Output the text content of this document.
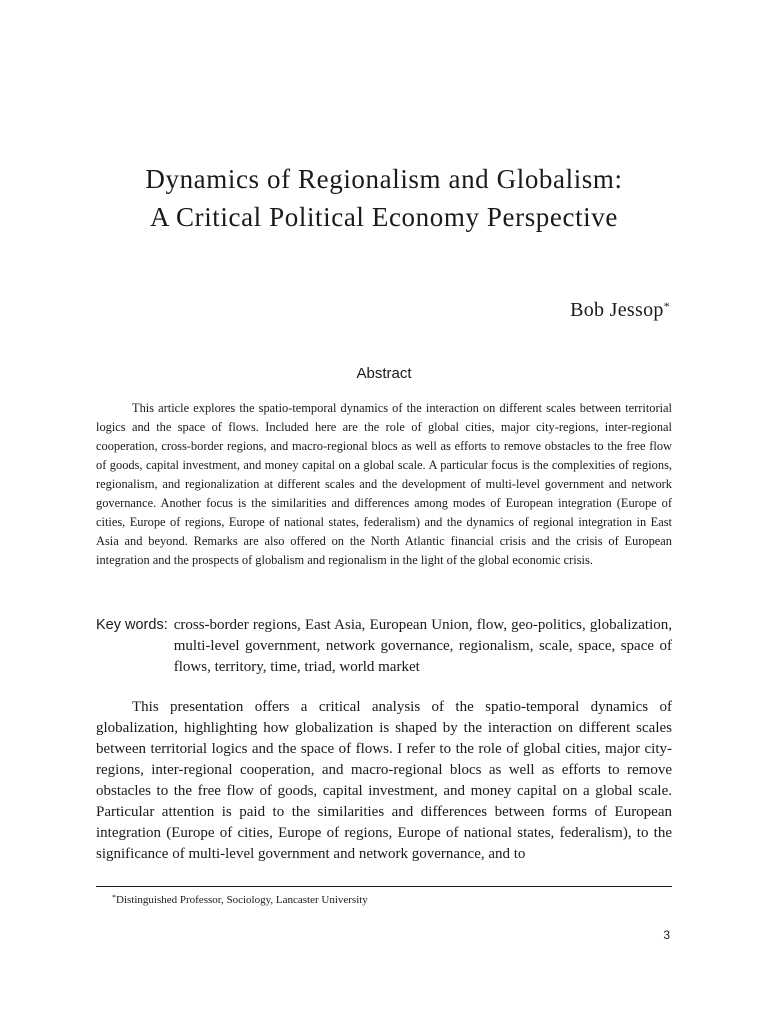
Dynamics of Regionalism and Globalism:
A Critical Political Economy Perspective
Bob Jessop*
Abstract

This article explores the spatio-temporal dynamics of the interaction on different scales between territorial logics and the space of flows. Included here are the role of global cities, major city-regions, inter-regional cooperation, cross-border regions, and macro-regional blocs as well as efforts to remove obstacles to the free flow of goods, capital investment, and money capital on a global scale. A particular focus is the complexities of regions, regionalism, and regionalization at different scales and the development of multi-level government and network governance. Another focus is the similarities and differences among modes of European integration (Europe of cities, Europe of regions, Europe of national states, federalism) and the dynamics of regional integration in East Asia and beyond. Remarks are also offered on the North Atlantic financial crisis and the crisis of European integration and the prospects of globalism and regionalism in the light of the global economic crisis.

Key words: cross-border regions, East Asia, European Union, flow, geo-politics, globalization, multi-level government, network governance, regionalism, scale, space, space of flows, territory, time, triad, world market

This presentation offers a critical analysis of the spatio-temporal dynamics of globalization, highlighting how globalization is shaped by the interaction on different scales between territorial logics and the space of flows. I refer to the role of global cities, major city-regions, inter-regional cooperation, and macro-regional blocs as well as efforts to remove obstacles to the free flow of goods, capital investment, and money capital on a global scale. Particular attention is paid to the similarities and differences between forms of European integration (Europe of cities, Europe of regions, Europe of national states, federalism), to the significance of multi-level government and network governance, and to

*Distinguished Professor, Sociology, Lancaster University
3
